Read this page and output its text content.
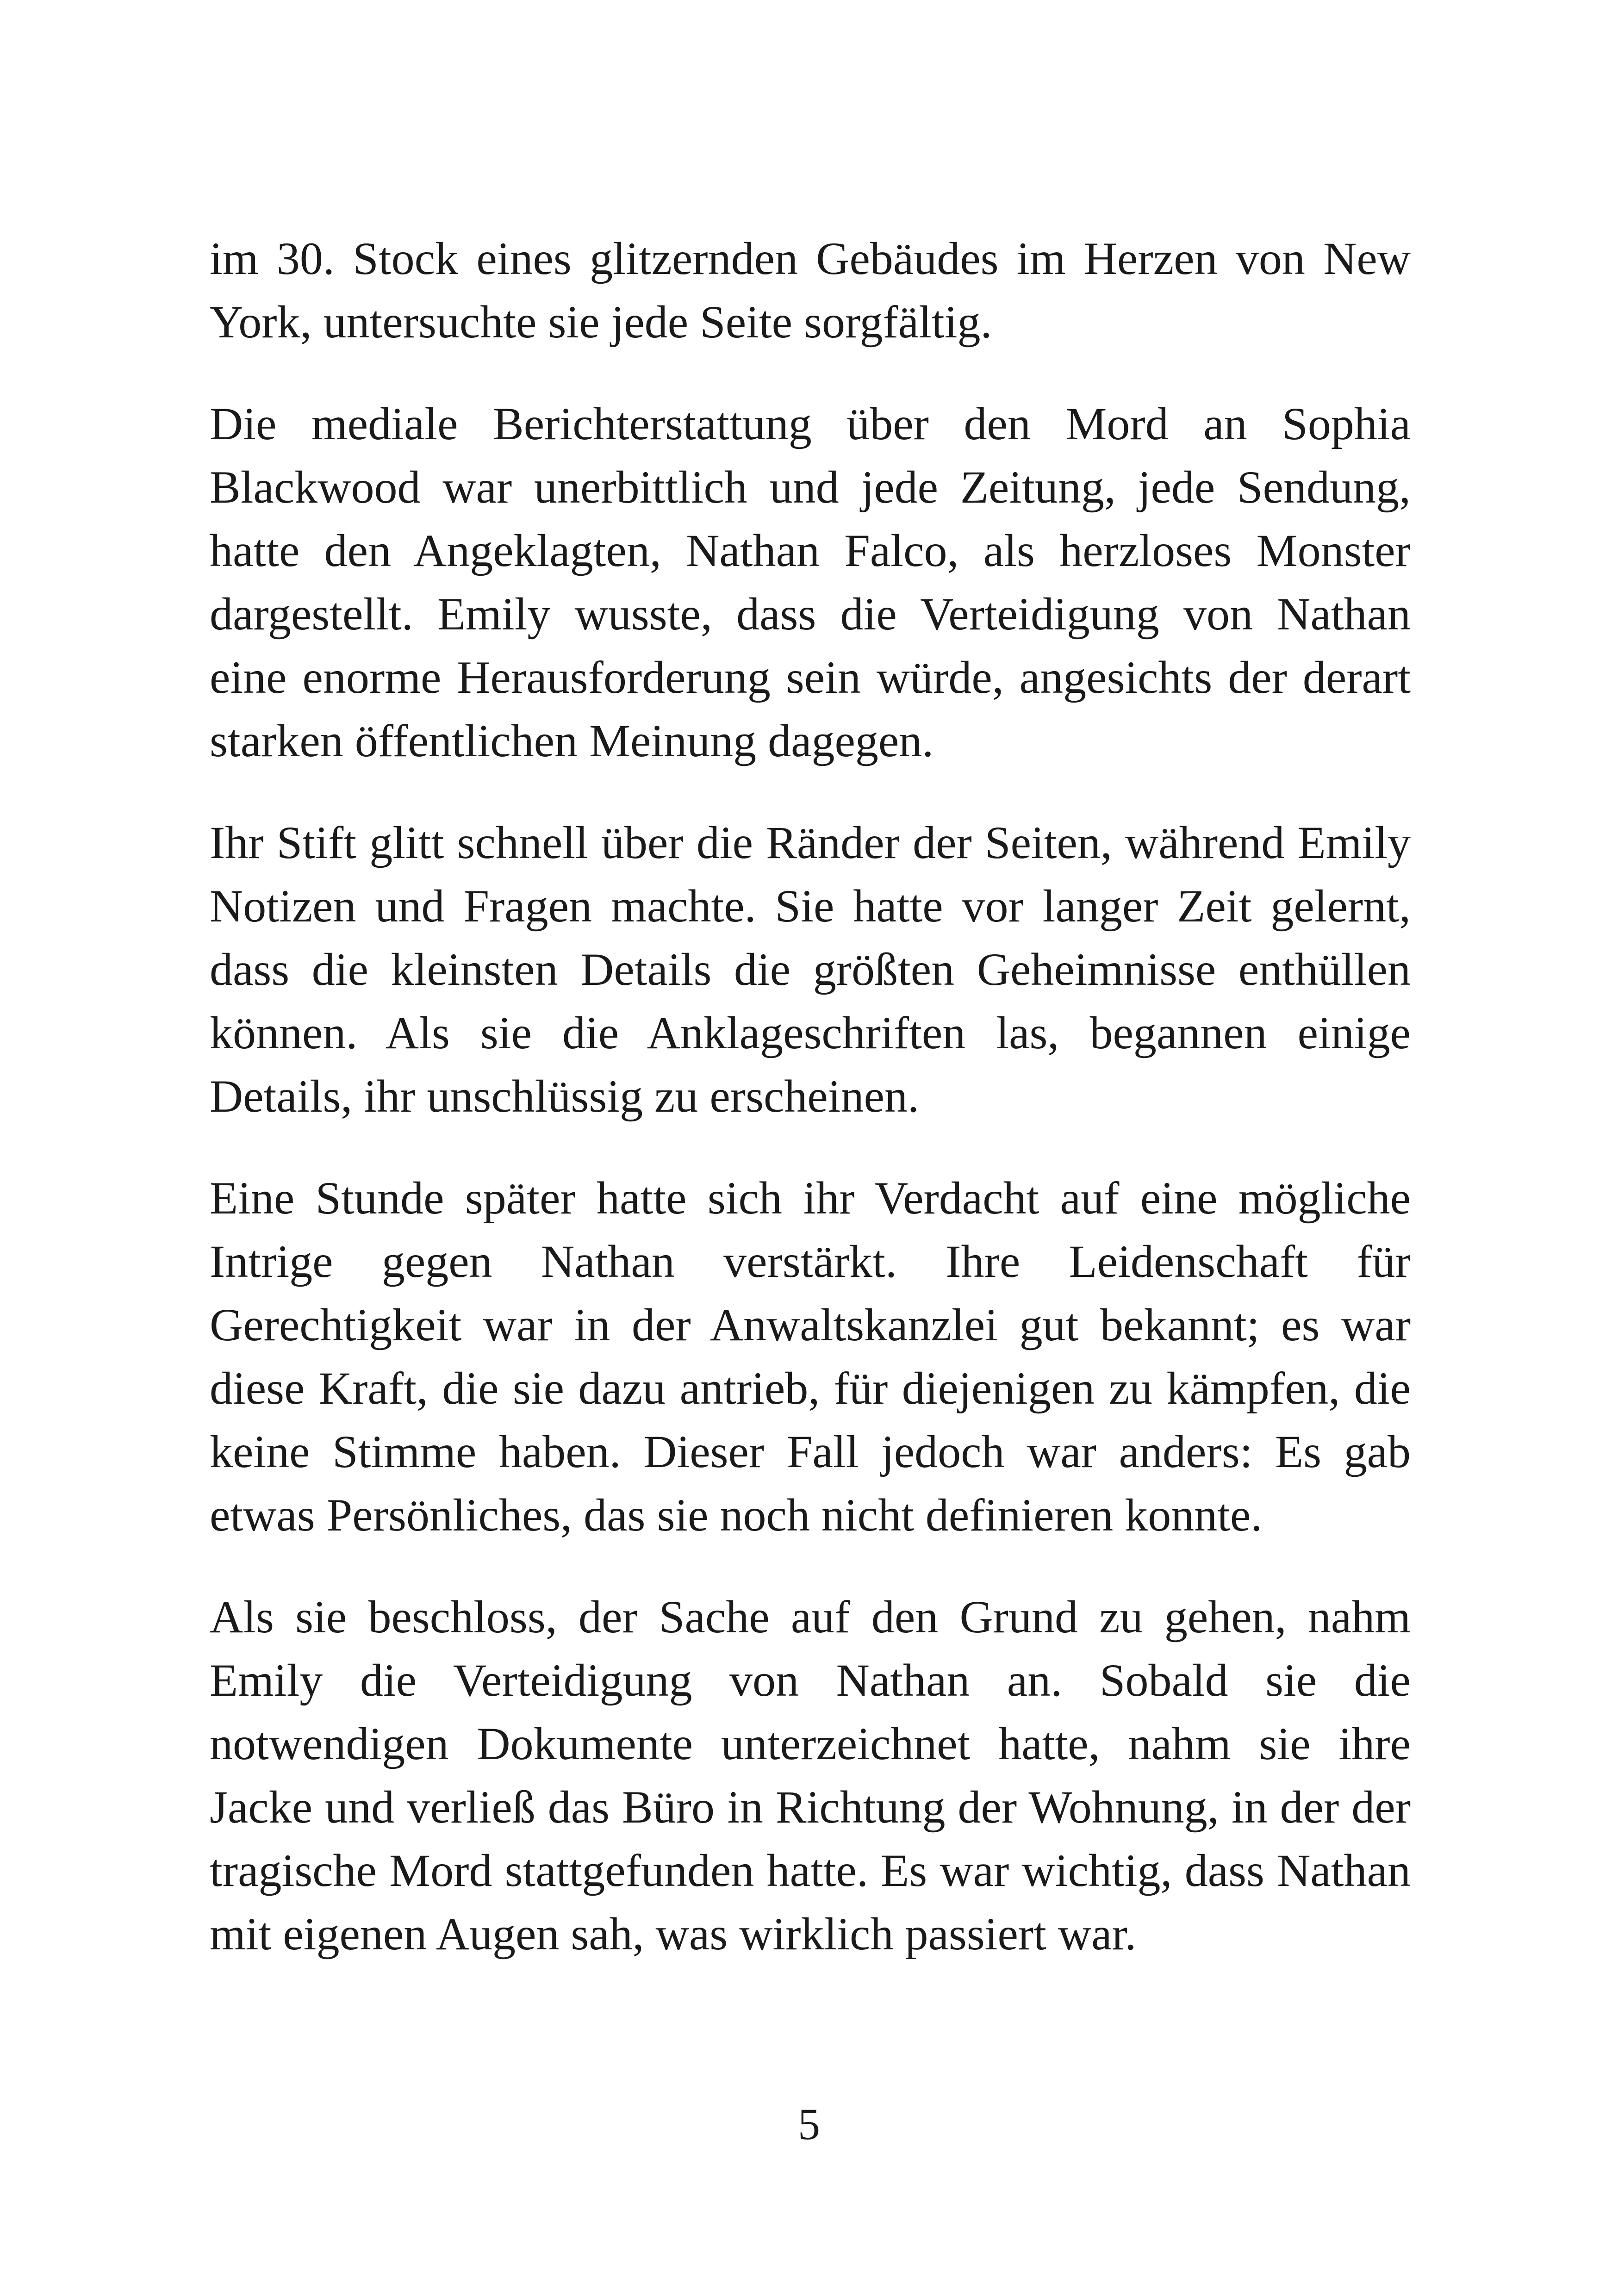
im 30. Stock eines glitzernden Gebäudes im Herzen von New York, untersuchte sie jede Seite sorgfältig.

Die mediale Berichterstattung über den Mord an Sophia Blackwood war unerbittlich und jede Zeitung, jede Sendung, hatte den Angeklagten, Nathan Falco, als herzloses Monster dargestellt. Emily wusste, dass die Verteidigung von Nathan eine enorme Herausforderung sein würde, angesichts der derart starken öffentlichen Meinung dagegen.

Ihr Stift glitt schnell über die Ränder der Seiten, während Emily Notizen und Fragen machte. Sie hatte vor langer Zeit gelernt, dass die kleinsten Details die größten Geheimnisse enthüllen können. Als sie die Anklageschriften las, begannen einige Details, ihr unschlüssig zu erscheinen.

Eine Stunde später hatte sich ihr Verdacht auf eine mögliche Intrige gegen Nathan verstärkt. Ihre Leidenschaft für Gerechtigkeit war in der Anwaltskanzlei gut bekannt; es war diese Kraft, die sie dazu antrieb, für diejenigen zu kämpfen, die keine Stimme haben. Dieser Fall jedoch war anders: Es gab etwas Persönliches, das sie noch nicht definieren konnte.

Als sie beschloss, der Sache auf den Grund zu gehen, nahm Emily die Verteidigung von Nathan an. Sobald sie die notwendigen Dokumente unterzeichnet hatte, nahm sie ihre Jacke und verließ das Büro in Richtung der Wohnung, in der der tragische Mord stattgefunden hatte. Es war wichtig, dass Nathan mit eigenen Augen sah, was wirklich passiert war.

5
